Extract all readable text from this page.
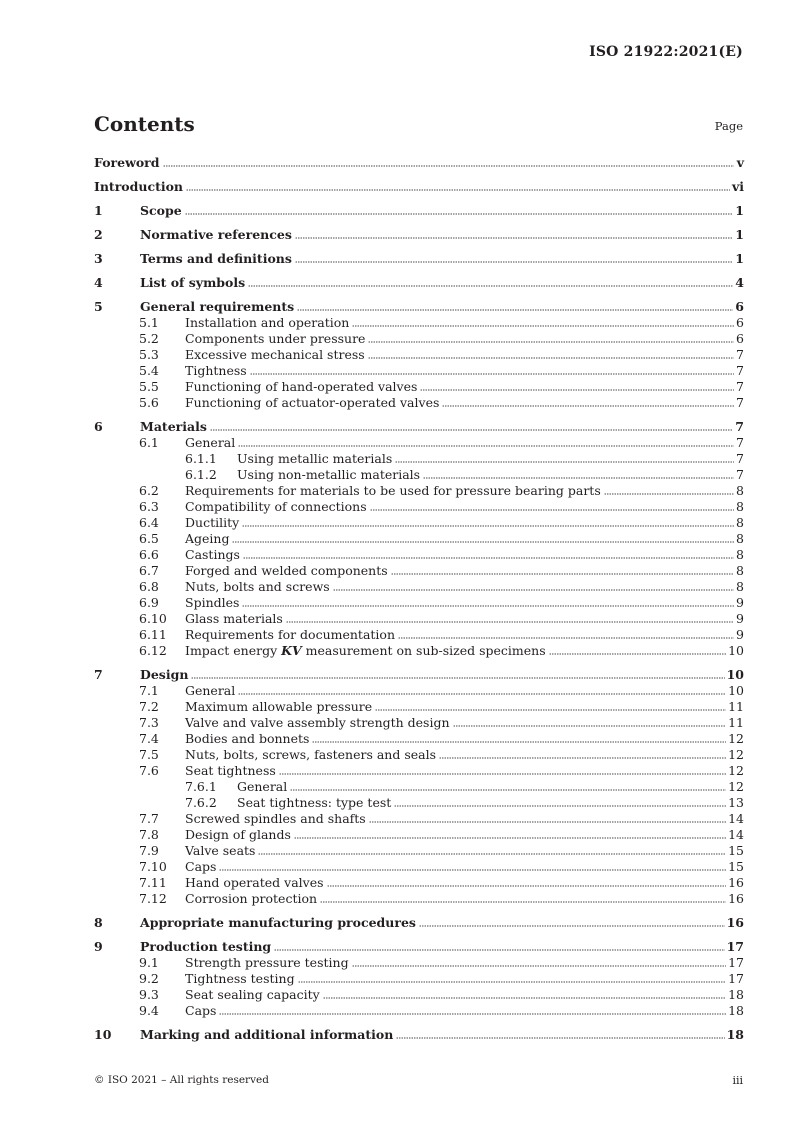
ISO 21922:2021(E)
Contents	Page
Foreword	v
Introduction	vi
1	Scope	1
2	Normative references	1
3	Terms and definitions	1
4	List of symbols	4
5	General requirements	6
5.1 Installation and operation	6
5.2 Components under pressure	6
5.3 Excessive mechanical stress	7
5.4 Tightness	7
5.5 Functioning of hand-operated valves	7
5.6 Functioning of actuator-operated valves	7
6	Materials	7
6.1 General	7
6.1.1 Using metallic materials	7
6.1.2 Using non-metallic materials	7
6.2 Requirements for materials to be used for pressure bearing parts	8
6.3 Compatibility of connections	8
6.4 Ductility	8
6.5 Ageing	8
6.6 Castings	8
6.7 Forged and welded components	8
6.8 Nuts, bolts and screws	8
6.9 Spindles	9
6.10 Glass materials	9
6.11 Requirements for documentation	9
6.12 Impact energy KV measurement on sub-sized specimens	10
7	Design	10
7.1 General	10
7.2 Maximum allowable pressure	11
7.3 Valve and valve assembly strength design	11
7.4 Bodies and bonnets	12
7.5 Nuts, bolts, screws, fasteners and seals	12
7.6 Seat tightness	12
7.6.1 General	12
7.6.2 Seat tightness: type test	13
7.7 Screwed spindles and shafts	14
7.8 Design of glands	14
7.9 Valve seats	15
7.10 Caps	15
7.11 Hand operated valves	16
7.12 Corrosion protection	16
8	Appropriate manufacturing procedures	16
9	Production testing	17
9.1 Strength pressure testing	17
9.2 Tightness testing	17
9.3 Seat sealing capacity	18
9.4 Caps	18
10 Marking and additional information	18
© ISO 2021 – All rights reserved	iii
